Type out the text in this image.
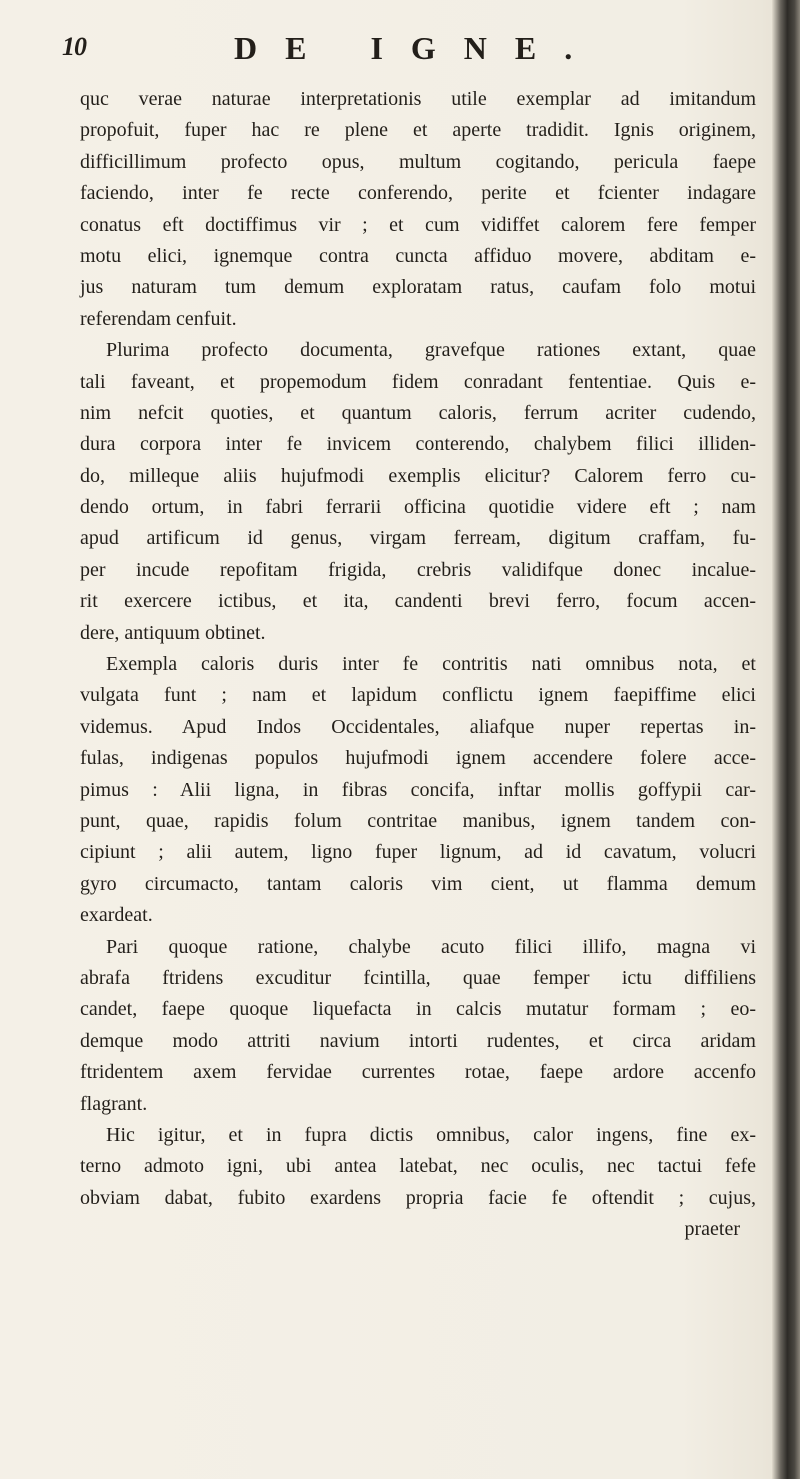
10	DE IGNE.

quc verae naturae interpretationis utile exemplar ad imitandum
propofuit, fuper hac re plene et aperte tradidit. Ignis originem,
difficillimum profecto opus, multum cogitando, pericula faepe
faciendo, inter fe recte conferendo, perite et fcienter indagare
conatus eft doctiffimus vir ; et cum vidiffet calorem fere femper
motu elici, ignemque contra cuncta affiduo movere, abditam e-
jus naturam tum demum exploratam ratus, caufam folo motui
referendam cenfuit.
Plurima profecto documenta, gravefque rationes extant, quae
tali faveant, et propemodum fidem conradant fententiae. Quis e-
nim nefcit quoties, et quantum caloris, ferrum acriter cudendo,
dura corpora inter fe invicem conterendo, chalybem filici illiden-
do, milleque aliis hujufmodi exemplis elicitur? Calorem ferro cu-
dendo ortum, in fabri ferrarii officina quotidie videre eft ; nam
apud artificum id genus, virgam ferream, digitum craffam, fu-
per incude repofitam frigida, crebris validifque donec incalue-
rit exercere ictibus, et ita, candenti brevi ferro, focum accen-
dere, antiquum obtinet.
Exempla caloris duris inter fe contritis nati omnibus nota, et
vulgata funt ; nam et lapidum conflictu ignem faepiffime elici
videmus. Apud Indos Occidentales, aliafque nuper repertas in-
fulas, indigenas populos hujufmodi ignem accendere folere acce-
pimus : Alii ligna, in fibras concifa, inftar mollis goffypii car-
punt, quae, rapidis folum contritae manibus, ignem tandem con-
cipiunt ; alii autem, ligno fuper lignum, ad id cavatum, volucri
gyro circumacto, tantam caloris vim cient, ut flamma demum
exardeat.
Pari quoque ratione, chalybe acuto filici illifo, magna vi
abrafa ftridens excuditur fcintilla, quae femper ictu diffiliens
candet, faepe quoque liquefacta in calcis mutatur formam ; eo-
demque modo attriti navium intorti rudentes, et circa aridam
ftridentem axem fervidae currentes rotae, faepe ardore accenfo
flagrant.
Hic igitur, et in fupra dictis omnibus, calor ingens, fine ex-
terno admoto igni, ubi antea latebat, nec oculis, nec tactui fefe
obviam dabat, fubito exardens propria facie fe oftendit ; cujus,
praeter
